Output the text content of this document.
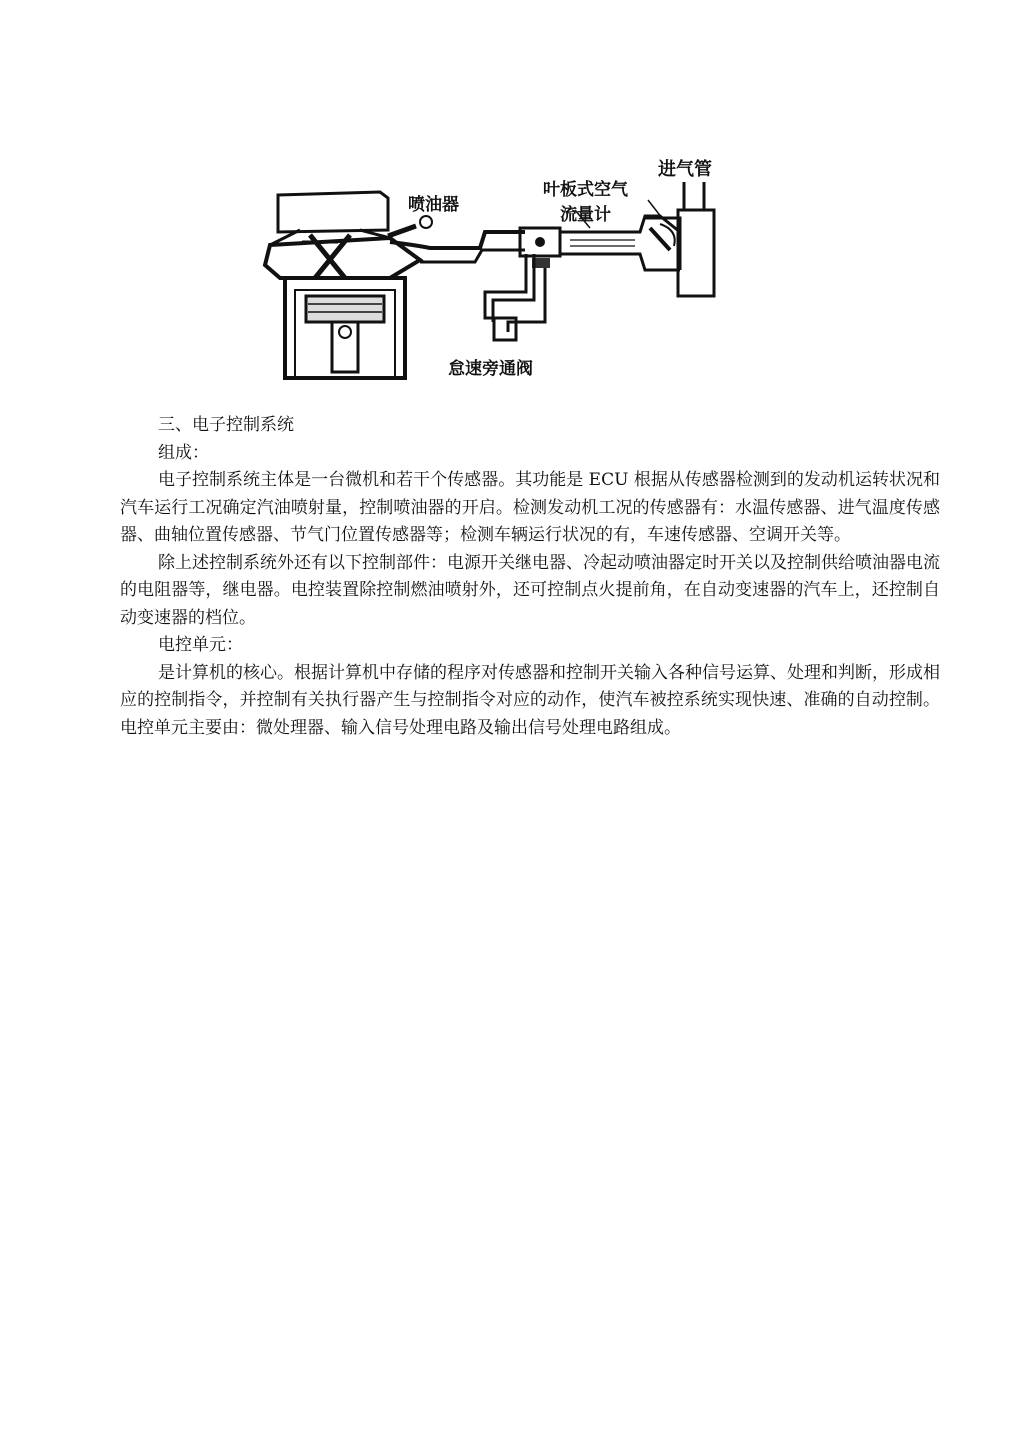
喷油器
叶板式空气
流量计
进气管
怠速旁通阀

三、电子控制系统

组成：

电子控制系统主体是一台微机和若干个传感器。其功能是 ECU 根据从传感器检测到的发动机运转状况和汽车运行工况确定汽油喷射量，控制喷油器的开启。检测发动机工况的传感器有：水温传感器、进气温度传感器、曲轴位置传感器、节气门位置传感器等；检测车辆运行状况的有，车速传感器、空调开关等。

除上述控制系统外还有以下控制部件：电源开关继电器、冷起动喷油器定时开关以及控制供给喷油器电流的电阻器等，继电器。电控装置除控制燃油喷射外，还可控制点火提前角，在自动变速器的汽车上，还控制自动变速器的档位。

电控单元：

是计算机的核心。根据计算机中存储的程序对传感器和控制开关输入各种信号运算、处理和判断，形成相应的控制指令，并控制有关执行器产生与控制指令对应的动作，使汽车被控系统实现快速、准确的自动控制。电控单元主要由：微处理器、输入信号处理电路及输出信号处理电路组成。
